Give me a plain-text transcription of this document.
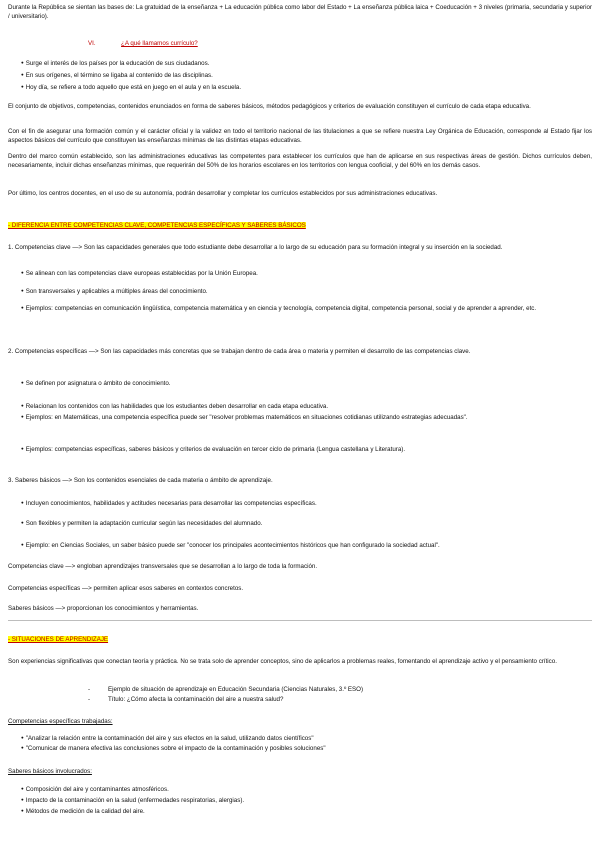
Durante la República se sientan las bases de: La gratuidad de la enseñanza + La educación pública como labor del Estado + La enseñanza pública laica + Coeducación + 3 niveles (primaria, secundaria y superior / universitario).

VI.	¿A qué llamamos currículo?

● Surge el interés de los países por la educación de sus ciudadanos.

● En sus orígenes, el término se ligaba al contenido de las disciplinas.

● Hoy día, se refiere a todo aquello que está en juego en el aula y en la escuela.

El conjunto de objetivos, competencias, contenidos enunciados en forma de saberes básicos, métodos pedagógicos y criterios de evaluación constituyen el currículo de cada etapa educativa.

Con el fin de asegurar una formación común y el carácter oficial y la validez en todo el territorio nacional de las titulaciones a que se refiere nuestra Ley Orgánica de Educación, corresponde al Estado fijar los aspectos básicos del currículo que constituyen las enseñanzas mínimas de las distintas etapas educativas.

Dentro del marco común establecido, son las administraciones educativas las competentes para establecer los currículos que han de aplicarse en sus respectivas áreas de gestión. Dichos currículos deben, necesariamente, incluir dichas enseñanzas mínimas, que requerirán del 50% de los horarios escolares en los territorios con lengua cooficial, y del 60% en los demás casos.

Por último, los centros docentes, en el uso de su autonomía, podrán desarrollar y completar los currículos establecidos por sus administraciones educativas.

- DIFERENCIA ENTRE COMPETENCIAS CLAVE, COMPETENCIAS ESPECÍFICAS Y SABERES BÁSICOS

1. Competencias clave —> Son las capacidades generales que todo estudiante debe desarrollar a lo largo de su educación para su formación integral y su inserción en la sociedad.

● Se alinean con las competencias clave europeas establecidas por la Unión Europea.

● Son transversales y aplicables a múltiples áreas del conocimiento.

● Ejemplos: competencias en comunicación lingüística, competencia matemática y en ciencia y tecnología, competencia digital, competencia personal, social y de aprender a aprender, etc.

2. Competencias específicas —> Son las capacidades más concretas que se trabajan dentro de cada área o materia y permiten el desarrollo de las competencias clave.

● Se definen por asignatura o ámbito de conocimiento.

● Relacionan los contenidos con las habilidades que los estudiantes deben desarrollar en cada etapa educativa.

● Ejemplos: en Matemáticas, una competencia específica puede ser "resolver problemas matemáticos en situaciones cotidianas utilizando estrategias adecuadas".

● Ejemplos: competencias específicas, saberes básicos y criterios de evaluación en tercer ciclo de primaria (Lengua castellana y Literatura).

3. Saberes básicos —> Son los contenidos esenciales de cada materia o ámbito de aprendizaje.

● Incluyen conocimientos, habilidades y actitudes necesarias para desarrollar las competencias específicas.

● Son flexibles y permiten la adaptación curricular según las necesidades del alumnado.

● Ejemplo: en Ciencias Sociales, un saber básico puede ser "conocer los principales acontecimientos históricos que han configurado la sociedad actual".

Competencias clave —> engloban aprendizajes transversales que se desarrollan a lo largo de toda la formación.

Competencias específicas —> permiten aplicar esos saberes en contextos concretos.

Saberes básicos —> proporcionan los conocimientos y herramientas.

- SITUACIONES DE APRENDIZAJE

Son experiencias significativas que conectan teoría y práctica. No se trata solo de aprender conceptos, sino de aplicarlos a problemas reales, fomentando el aprendizaje activo y el pensamiento crítico.

-	Ejemplo de situación de aprendizaje en Educación Secundaria (Ciencias Naturales, 3.º ESO)

-	Título: ¿Cómo afecta la contaminación del aire a nuestra salud?

Competencias específicas trabajadas:

● "Analizar la relación entre la contaminación del aire y sus efectos en la salud, utilizando datos científicos"

● "Comunicar de manera efectiva las conclusiones sobre el impacto de la contaminación y posibles soluciones"

Saberes básicos involucrados:

● Composición del aire y contaminantes atmosféricos.

● Impacto de la contaminación en la salud (enfermedades respiratorias, alergias).

● Métodos de medición de la calidad del aire.
